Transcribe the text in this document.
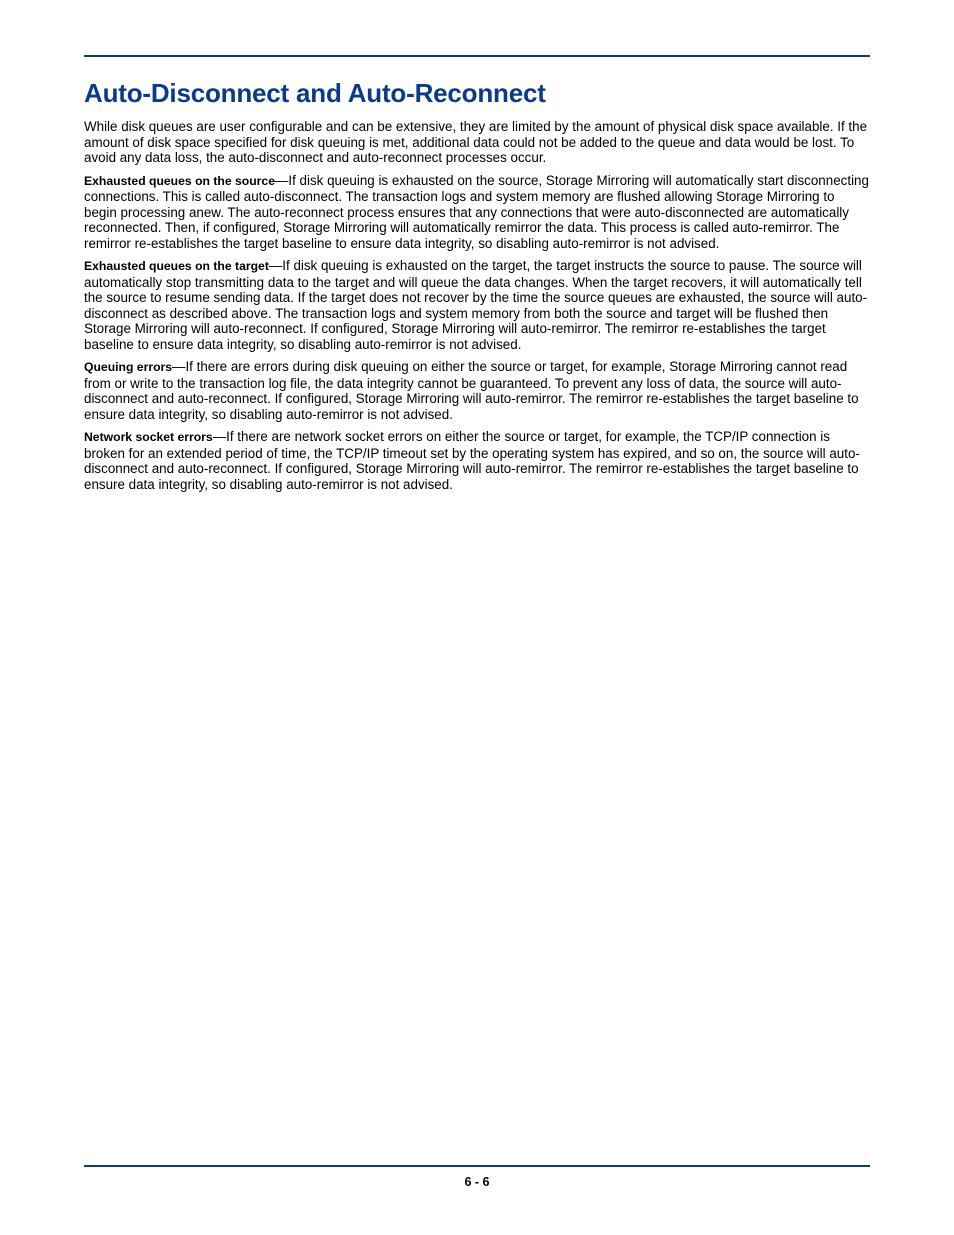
Auto-Disconnect and Auto-Reconnect

While disk queues are user configurable and can be extensive, they are limited by the amount of physical disk space available. If the amount of disk space specified for disk queuing is met, additional data could not be added to the queue and data would be lost. To avoid any data loss, the auto-disconnect and auto-reconnect processes occur.

Exhausted queues on the source—If disk queuing is exhausted on the source, Storage Mirroring will automatically start disconnecting connections. This is called auto-disconnect. The transaction logs and system memory are flushed allowing Storage Mirroring to begin processing anew. The auto-reconnect process ensures that any connections that were auto-disconnected are automatically reconnected. Then, if configured, Storage Mirroring will automatically remirror the data. This process is called auto-remirror. The remirror re-establishes the target baseline to ensure data integrity, so disabling auto-remirror is not advised.

Exhausted queues on the target—If disk queuing is exhausted on the target, the target instructs the source to pause. The source will automatically stop transmitting data to the target and will queue the data changes. When the target recovers, it will automatically tell the source to resume sending data. If the target does not recover by the time the source queues are exhausted, the source will auto-disconnect as described above. The transaction logs and system memory from both the source and target will be flushed then Storage Mirroring will auto-reconnect. If configured, Storage Mirroring will auto-remirror. The remirror re-establishes the target baseline to ensure data integrity, so disabling auto-remirror is not advised.

Queuing errors—If there are errors during disk queuing on either the source or target, for example, Storage Mirroring cannot read from or write to the transaction log file, the data integrity cannot be guaranteed. To prevent any loss of data, the source will auto-disconnect and auto-reconnect. If configured, Storage Mirroring will auto-remirror. The remirror re-establishes the target baseline to ensure data integrity, so disabling auto-remirror is not advised.

Network socket errors—If there are network socket errors on either the source or target, for example, the TCP/IP connection is broken for an extended period of time, the TCP/IP timeout set by the operating system has expired, and so on, the source will auto-disconnect and auto-reconnect. If configured, Storage Mirroring will auto-remirror. The remirror re-establishes the target baseline to ensure data integrity, so disabling auto-remirror is not advised.

6 - 6
